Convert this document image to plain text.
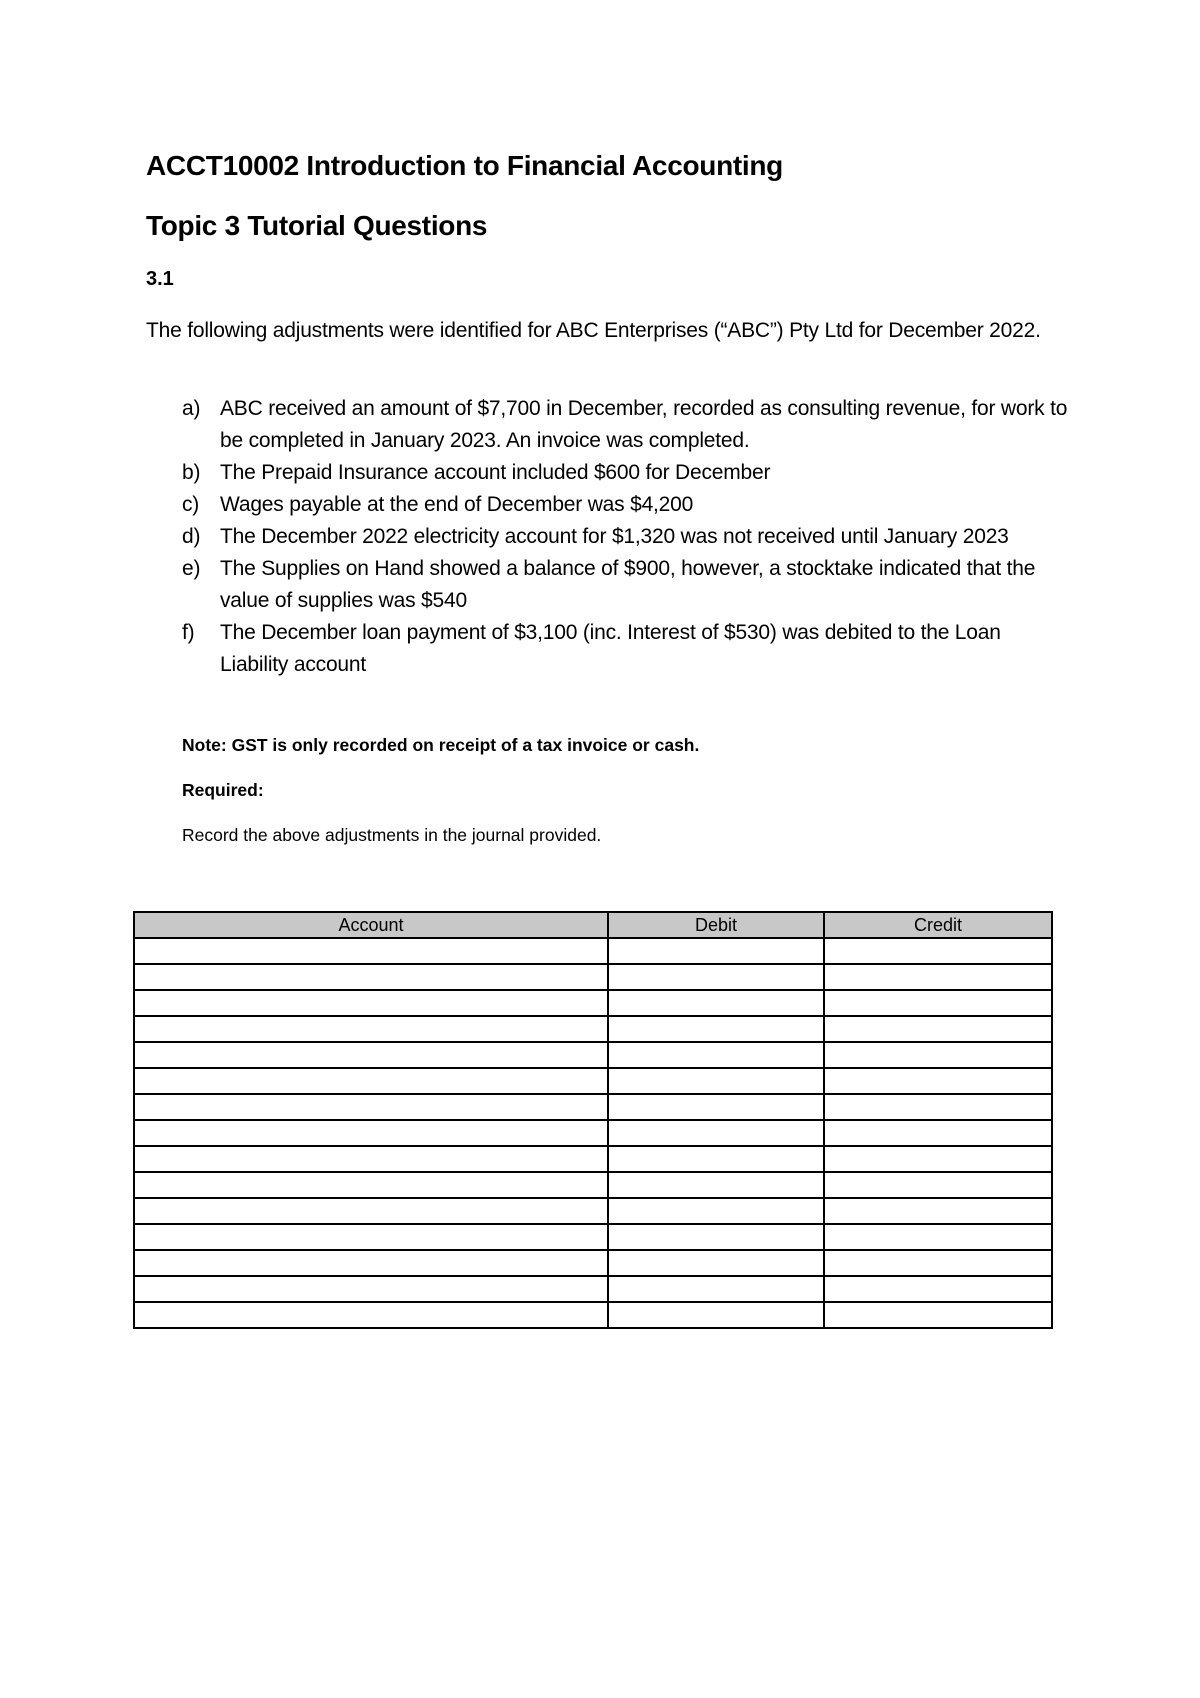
ACCT10002 Introduction to Financial Accounting
Topic 3 Tutorial Questions
3.1
The following adjustments were identified for ABC Enterprises (“ABC”) Pty Ltd for December 2022.
a) ABC received an amount of $7,700 in December, recorded as consulting revenue, for work to be completed in January 2023. An invoice was completed.
b) The Prepaid Insurance account included $600 for December
c) Wages payable at the end of December was $4,200
d) The December 2022 electricity account for $1,320 was not received until January 2023
e) The Supplies on Hand showed a balance of $900, however, a stocktake indicated that the value of supplies was $540
f) The December loan payment of $3,100 (inc. Interest of $530) was debited to the Loan Liability account
Note: GST is only recorded on receipt of a tax invoice or cash.
Required:
Record the above adjustments in the journal provided.
Account	Debit	Credit
